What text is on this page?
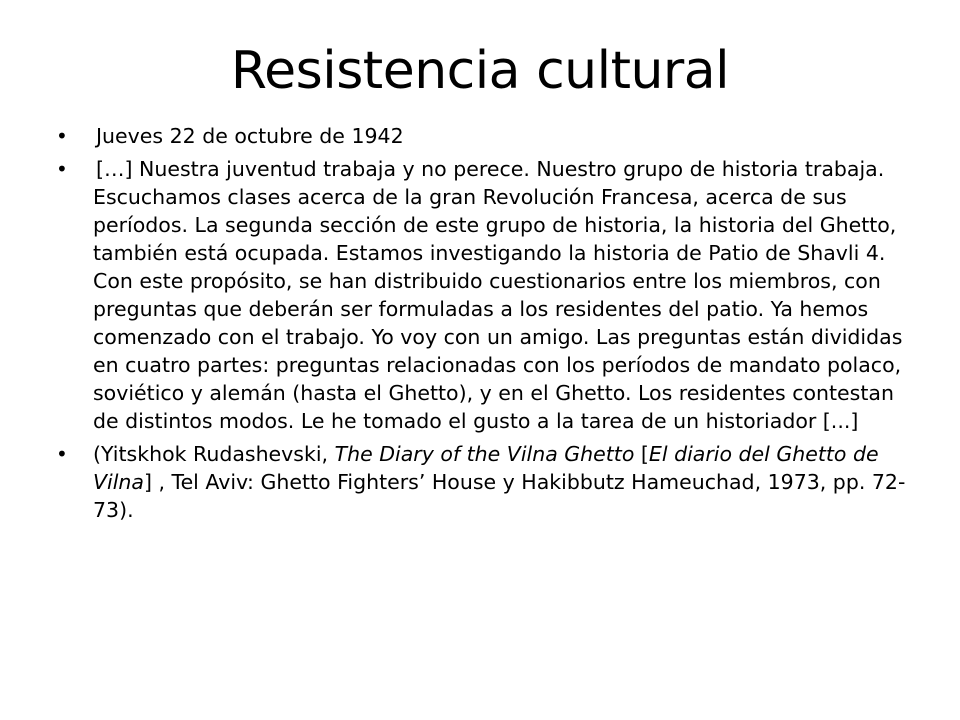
Resistencia cultural
•	Jueves 22 de octubre de 1942
•	[…] Nuestra juventud trabaja y no perece. Nuestro grupo de historia trabaja. Escuchamos clases acerca de la gran Revolución Francesa, acerca de sus períodos. La segunda sección de este grupo de historia, la historia del Ghetto, también está ocupada. Estamos investigando la historia de Patio de Shavli 4. Con este propósito, se han distribuido cuestionarios entre los miembros, con preguntas que deberán ser formuladas a los residentes del patio. Ya hemos comenzado con el trabajo. Yo voy con un amigo. Las preguntas están divididas en cuatro partes: preguntas relacionadas con los períodos de mandato polaco, soviético y alemán (hasta el Ghetto), y en el Ghetto. Los residentes contestan de distintos modos. Le he tomado el gusto a la tarea de un historiador [...]
•	(Yitskhok Rudashevski, The Diary of the Vilna Ghetto [El diario del Ghetto de Vilna] , Tel Aviv: Ghetto Fighters’ House y Hakibbutz Hameuchad, 1973, pp. 72-73).
